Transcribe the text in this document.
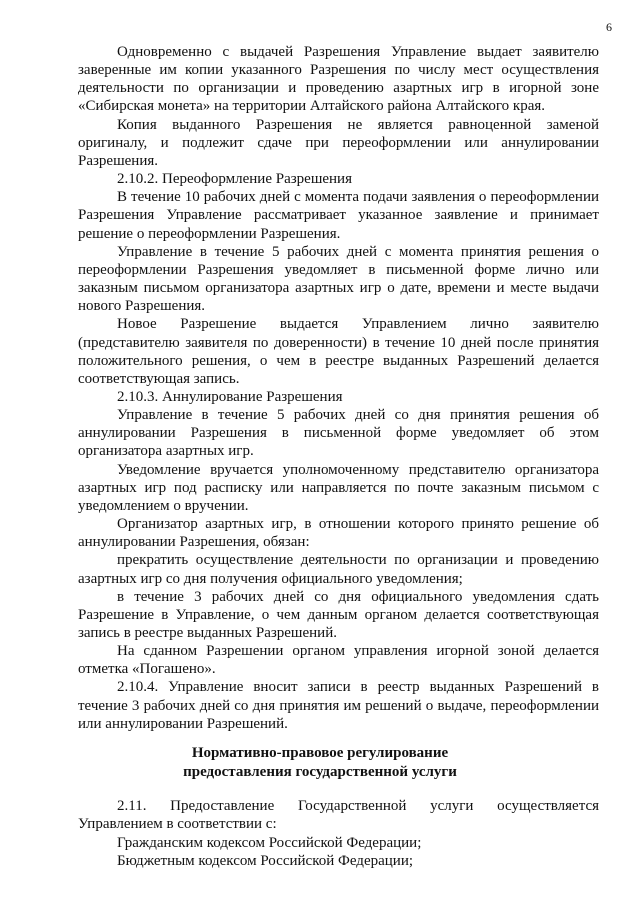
6

Одновременно с выдачей Разрешения Управление выдает заявителю заверенные им копии указанного Разрешения по числу мест осуществления деятельности по организации и проведению азартных игр в игорной зоне «Сибирская монета» на территории Алтайского района Алтайского края.

Копия выданного Разрешения не является равноценной заменой оригиналу, и подлежит сдаче при переоформлении или аннулировании Разрешения.

2.10.2. Переоформление Разрешения

В течение 10 рабочих дней с момента подачи заявления о переоформлении Разрешения Управление рассматривает указанное заявление и принимает решение о переоформлении Разрешения.

Управление в течение 5 рабочих дней с момента принятия решения о переоформлении Разрешения уведомляет в письменной форме лично или заказным письмом организатора азартных игр о дате, времени и месте выдачи нового Разрешения.

Новое Разрешение выдается Управлением лично заявителю (представителю заявителя по доверенности) в течение 10 дней после принятия положительного решения, о чем в реестре выданных Разрешений делается соответствующая запись.

2.10.3. Аннулирование Разрешения

Управление в течение 5 рабочих дней со дня принятия решения об аннулировании Разрешения в письменной форме уведомляет об этом организатора азартных игр.

Уведомление вручается уполномоченному представителю организатора азартных игр под расписку или направляется по почте заказным письмом с уведомлением о вручении.

Организатор азартных игр, в отношении которого принято решение об аннулировании Разрешения, обязан:

прекратить осуществление деятельности по организации и проведению азартных игр со дня получения официального уведомления;

в течение 3 рабочих дней со дня официального уведомления сдать Разрешение в Управление, о чем данным органом делается соответствующая запись в реестре выданных Разрешений.

На сданном Разрешении органом управления игорной зоной делается отметка «Погашено».

2.10.4. Управление вносит записи в реестр выданных Разрешений в течение 3 рабочих дней со дня принятия им решений о выдаче, переоформлении или аннулировании Разрешений.

Нормативно-правовое регулирование
предоставления государственной услуги

2.11. Предоставление Государственной услуги осуществляется Управлением в соответствии с:

Гражданским кодексом Российской Федерации;

Бюджетным кодексом Российской Федерации;
